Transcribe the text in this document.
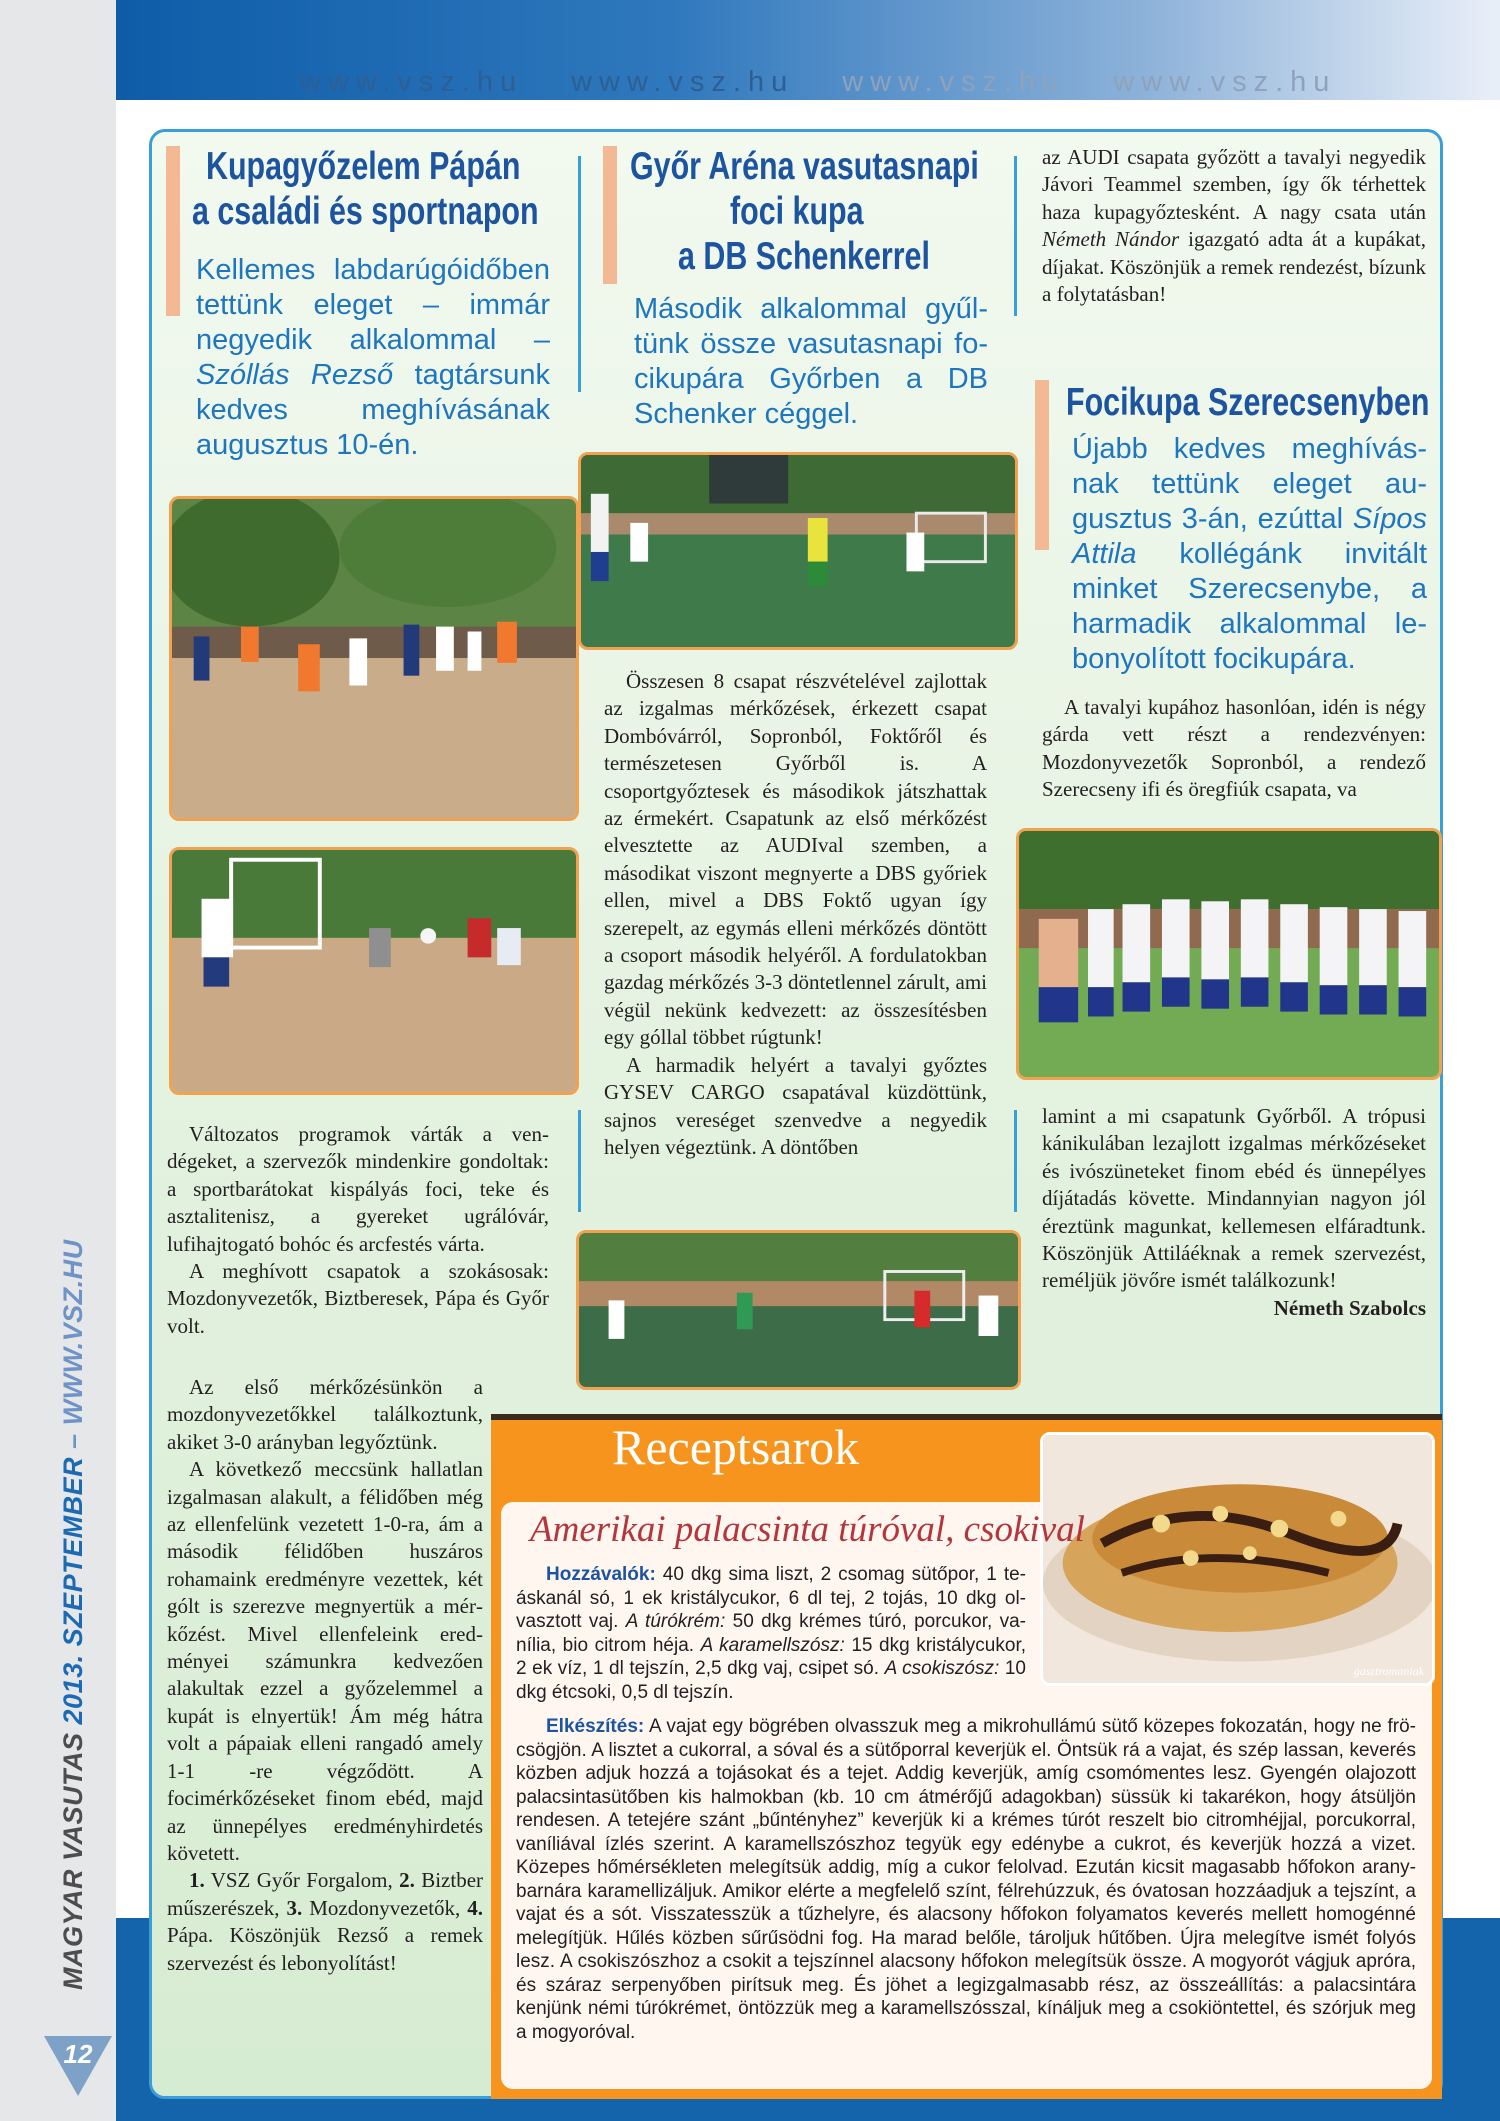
www.vsz.hu www.vsz.hu www.vsz.hu www.vsz.hu
MAGYAR VASUTAS 2013. SZEPTEMBER – WWW.VSZ.HU
12
Kupagyőzelem Pápán
a családi és sportnapon
Kellemes labdarúgóidőben tettünk eleget – immár negyedik alkalommal – Szóllás Rezső tagtársunk kedves meghívásának augusztus 10-én.

Változatos programok várták a vendégeket, a szervezők mindenkire gondoltak: a sportbarátokat kispályás foci, teke és asztalitenisz, a gyereket ugrálóvár, lufihajtogató bohóc és arcfestés várta.

A meghívott csapatok a szokásosak: Mozdonyvezetők, Biztberesek, Pápa és Győr volt.

Az első mérkőzésünkön a mozdonyvezetőkkel találkoztunk, akiket 3-0 arányban legyőztünk.

A következő meccsünk hallatlan izgalmasan alakult, a félidőben még az ellenfelünk vezetett 1-0-ra, ám a második félidőben huszáros rohamaink eredményre vezettek, két gólt is szerezve megnyertük a mérkőzést. Mivel ellenfeleink eredményei számunkra kedvezően alakultak ezzel a győzelemmel a kupát is elnyertük! Ám még hátra volt a pápaiak elleni rangadó amely 1-1 -re végződött. A focimérkőzéseket finom ebéd, majd az ünnepélyes eredményhirdetés követett.

1. VSZ Győr Forgalom, 2. Biztber műszerészek, 3. Mozdonyvezetők, 4. Pápa. Köszönjük Rezső a remek szervezést és lebonyolítást!

Győr Aréna vasutasnapi
foci kupa
a DB Schenkerrel
Második alkalommal gyűltünk össze vasutasnapi focikupára Győrben a DB Schenker céggel.

Összesen 8 csapat részvételével zajlottak az izgalmas mérkőzések, érkezett csapat Dombóvárról, Sopronból, Foktőről és természetesen Győrből is. A csoportgyőztesek és másodikok játszhattak az érmekért. Csapatunk az első mérkőzést elvesztette az AUDIval szemben, a másodikat viszont megnyerte a DBS győriek ellen, mivel a DBS Foktő ugyan így szerepelt, az egymás elleni mérkőzés döntött a csoport második helyéről. A fordulatokban gazdag mérkőzés 3-3 döntetlennel zárult, ami végül nekünk kedvezett: az összesítésben egy góllal többet rúgtunk!

A harmadik helyért a tavalyi győztes GYSEV CARGO csapatával küzdöttünk, sajnos vereséget szenvedve a negyedik helyen végeztünk. A döntőben

az AUDI csapata győzött a tavalyi negyedik Jávori Teammel szemben, így ők térhettek haza kupagyőztesként. A nagy csata után Németh Nándor igazgató adta át a kupákat, díjakat. Köszönjük a remek rendezést, bízunk a folytatásban!

Focikupa Szerecsenyben
Újabb kedves meghívásnak tettünk eleget augusztus 3-án, ezúttal Sípos Attila kollégánk invitált minket Szerecsenybe, a harmadik alkalommal lebonyolított focikupára.

A tavalyi kupához hasonlóan, idén is négy gárda vett részt a rendezvényen: Mozdonyvezetők Sopronból, a rendező Szerecseny ifi és öregfiúk csapata, va

lamint a mi csapatunk Győrből. A trópusi kánikulában lezajlott izgalmas mérkőzéseket és ivószüneteket finom ebéd és ünnepélyes díjátadás követte. Mindannyian nagyon jól éreztünk magunkat, kellemesen elfáradtunk. Köszönjük Attiláéknak a remek szervezést, reméljük jövőre ismét találkozunk!

Németh Szabolcs
Receptsarok
gasztromaniak
Amerikai palacsinta túróval, csokival
Hozzávalók: 40 dkg sima liszt, 2 csomag sütőpor, 1 teáskanál só, 1 ek kristálycukor, 6 dl tej, 2 tojás, 10 dkg olvasztott vaj. A túrókrém: 50 dkg krémes túró, porcukor, vanília, bio citrom héja. A karamellszósz: 15 dkg kristálycukor, 2 ek víz, 1 dl tejszín, 2,5 dkg vaj, csipet só. A csokiszósz: 10 dkg étcsoki, 0,5 dl tejszín.
Elkészítés: A vajat egy bögrében olvasszuk meg a mikrohullámú sütő közepes fokozatán, hogy ne fröcsögjön. A lisztet a cukorral, a sóval és a sütőporral keverjük el. Öntsük rá a vajat, és szép lassan, keverés közben adjuk hozzá a tojásokat és a tejet. Addig keverjük, amíg csomómentes lesz. Gyengén olajozott palacsintasütőben kis halmokban (kb. 10 cm átmérőjű adagokban) süssük ki takarékon, hogy átsüljön rendesen. A tetejére szánt „bűntényhez” keverjük ki a krémes túrót reszelt bio citromhéjjal, porcukorral, vaníliával ízlés szerint. A karamellszószhoz tegyük egy edénybe a cukrot, és keverjük hozzá a vizet. Közepes hőmérsékleten melegítsük addig, míg a cukor felolvad. Ezután kicsit magasabb hőfokon aranybarnára karamellizáljuk. Amikor elérte a megfelelő színt, félrehúzzuk, és óvatosan hozzáadjuk a tejszínt, a vajat és a sót. Visszatesszük a tűzhelyre, és alacsony hőfokon folyamatos keverés mellett homogénné melegítjük. Hűlés közben sűrűsödni fog. Ha marad belőle, tároljuk hűtőben. Újra melegítve ismét folyós lesz. A csokiszószhoz a csokit a tejszínnel alacsony hőfokon melegítsük össze. A mogyorót vágjuk apróra, és száraz serpenyőben pirítsuk meg. És jöhet a legizgalmasabb rész, az összeállítás: a palacsintára kenjünk némi túrókrémet, öntözzük meg a karamellszósszal, kínáljuk meg a csokiöntettel, és szórjuk meg a mogyoróval.
